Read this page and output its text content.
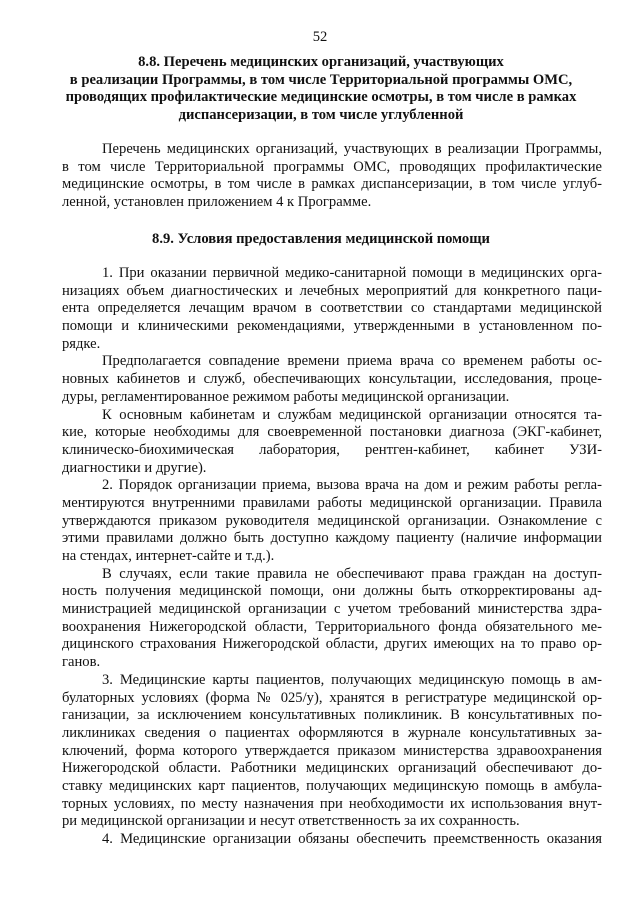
52
8.8. Перечень медицинских организаций, участвующих
в реализации Программы, в том числе Территориальной программы ОМС,
проводящих профилактические медицинские осмотры, в том числе в рамках
диспансеризации, в том числе углубленной
Перечень медицинских организаций, участвующих в реализации Программы,
в том числе Территориальной программы ОМС, проводящих профилактические
медицинские осмотры, в том числе в рамках диспансеризации, в том числе углуб-
ленной, установлен приложением 4 к Программе.
8.9. Условия предоставления медицинской помощи
1. При оказании первичной медико-санитарной помощи в медицинских орга-
низациях объем диагностических и лечебных мероприятий для конкретного паци-
ента определяется лечащим врачом в соответствии со стандартами медицинской
помощи и клиническими рекомендациями, утвержденными в установленном по-
рядке.
Предполагается совпадение времени приема врача со временем работы ос-
новных кабинетов и служб, обеспечивающих консультации, исследования, проце-
дуры, регламентированное режимом работы медицинской организации.
К основным кабинетам и службам медицинской организации относятся та-
кие, которые необходимы для своевременной постановки диагноза (ЭКГ-кабинет,
клиническо-биохимическая лаборатория, рентген-кабинет, кабинет УЗИ-
диагностики и другие).
2. Порядок организации приема, вызова врача на дом и режим работы регла-
ментируются внутренними правилами работы медицинской организации. Правила
утверждаются приказом руководителя медицинской организации. Ознакомление с
этими правилами должно быть доступно каждому пациенту (наличие информации
на стендах, интернет-сайте и т.д.).
В случаях, если такие правила не обеспечивают права граждан на доступ-
ность получения медицинской помощи, они должны быть откорректированы ад-
министрацией медицинской организации с учетом требований министерства здра-
воохранения Нижегородской области, Территориального фонда обязательного ме-
дицинского страхования Нижегородской области, других имеющих на то право ор-
ганов.
3. Медицинские карты пациентов, получающих медицинскую помощь в ам-
булаторных условиях (форма № 025/у), хранятся в регистратуре медицинской ор-
ганизации, за исключением консультативных поликлиник. В консультативных по-
ликлиниках сведения о пациентах оформляются в журнале консультативных за-
ключений, форма которого утверждается приказом министерства здравоохранения
Нижегородской области. Работники медицинских организаций обеспечивают до-
ставку медицинских карт пациентов, получающих медицинскую помощь в амбула-
торных условиях, по месту назначения при необходимости их использования внут-
ри медицинской организации и несут ответственность за их сохранность.
4. Медицинские организации обязаны обеспечить преемственность оказания
